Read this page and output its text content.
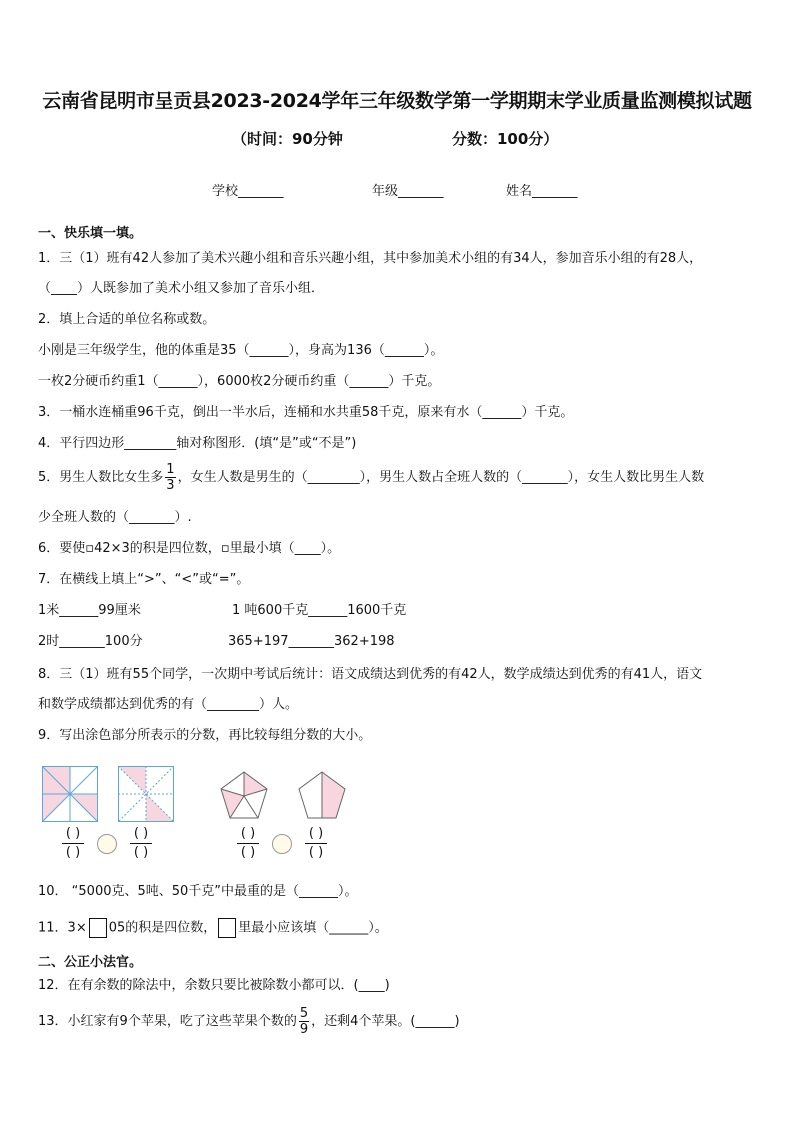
云南省昆明市呈贡县2023-2024学年三年级数学第一学期期末学业质量监测模拟试题
（时间：90分钟	分数：100分）
学校_______	年级_______	姓名_______
一、快乐填一填。
1．三（1）班有42人参加了美术兴趣小组和音乐兴趣小组，其中参加美术小组的有34人，参加音乐小组的有28人，
（____）人既参加了美术小组又参加了音乐小组．
2．填上合适的单位名称或数。
小刚是三年级学生，他的体重是35（______），身高为136（______）。
一枚2分硬币约重1（______），6000枚2分硬币约重（______）千克。
3．一桶水连桶重96千克，倒出一半水后，连桶和水共重58千克，原来有水（______）千克。
4．平行四边形________轴对称图形．(填“是”或“不是”)
5．男生人数比女生多 $\frac{1}{3}$ ，女生人数是男生的（________），男生人数占全班人数的（_______），女生人数比男生人数
少全班人数的（_______）.
6．要使▫42×3的积是四位数，▫里最小填（____）。
7．在横线上填上“>”、“<”或“=”。
1米______99厘米	1 吨600千克______1600千克
2时_______100分	365+197_______362+198
8．三（1）班有55个同学，一次期中考试后统计：语文成绩达到优秀的有42人，数学成绩达到优秀的有41人，语文
和数学成绩都达到优秀的有（________）人。
9．写出涂色部分所表示的分数，再比较每组分数的大小。
( )
( )
( )
( )
( )
( )
( )
( )
10． “5000克、5吨、50千克”中最重的是（______）。
11．3× 05的积是四位数， 里最小应该填（______）。
二、公正小法官。
12．在有余数的除法中，余数只要比被除数小都可以．(____)
13．小红家有9个苹果，吃了这些苹果个数的 $\frac{5}{9}$ ，还剩4个苹果。(______)
